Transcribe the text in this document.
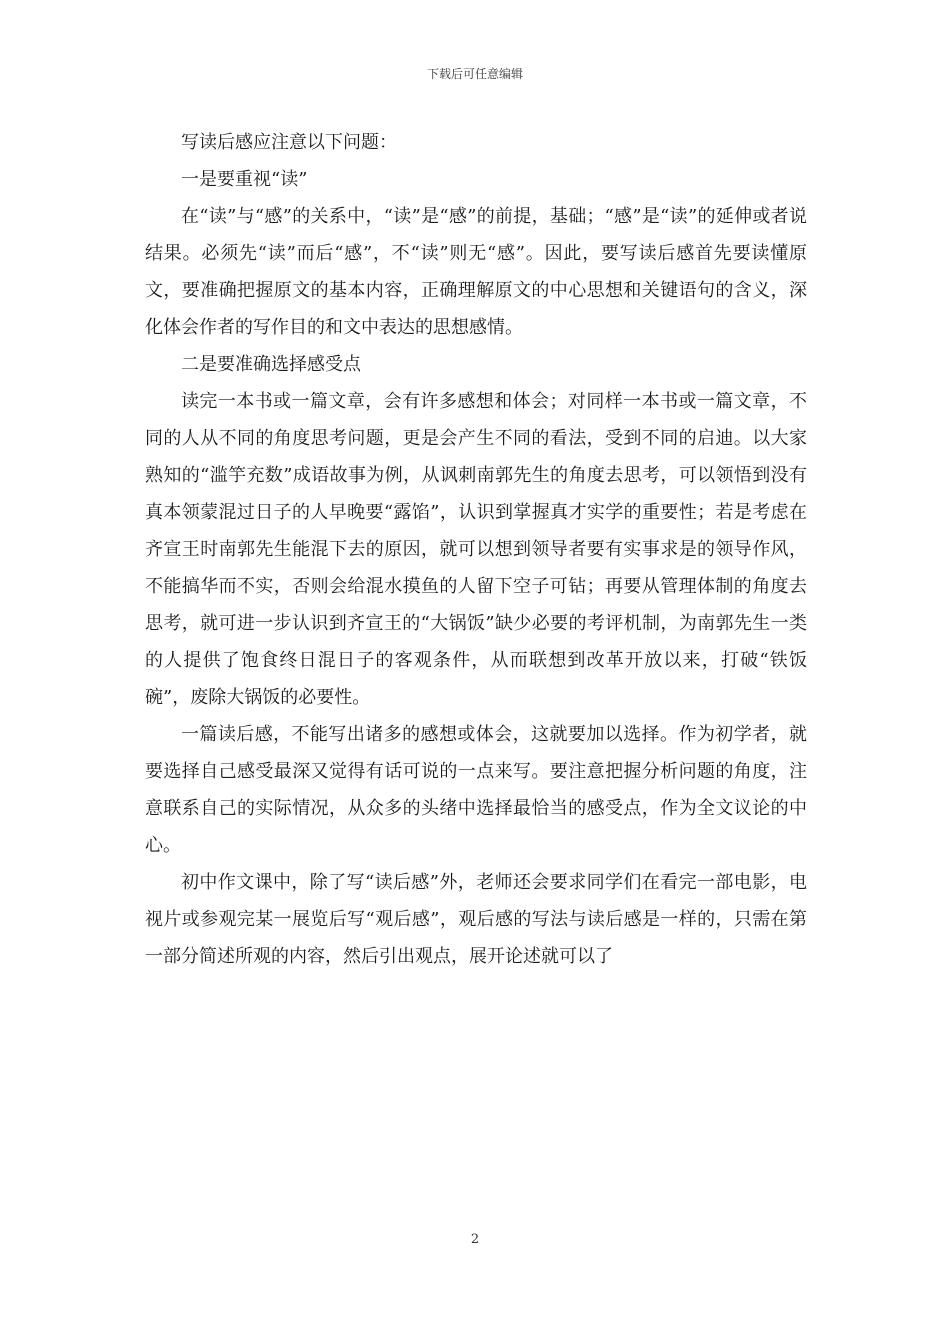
下载后可任意编辑

写读后感应注意以下问题：

一是要重视“读”

在“读”与“感”的关系中，“读”是“感”的前提，基础；“感”是“读”的延伸或者说结果。必须先“读”而后“感”，不“读”则无“感”。因此，要写读后感首先要读懂原文，要准确把握原文的基本内容，正确理解原文的中心思想和关键语句的含义，深化体会作者的写作目的和文中表达的思想感情。

二是要准确选择感受点

读完一本书或一篇文章，会有许多感想和体会；对同样一本书或一篇文章，不同的人从不同的角度思考问题，更是会产生不同的看法，受到不同的启迪。以大家熟知的“滥竽充数”成语故事为例，从讽刺南郭先生的角度去思考，可以领悟到没有真本领蒙混过日子的人早晚要“露馅”，认识到掌握真才实学的重要性；若是考虑在齐宣王时南郭先生能混下去的原因，就可以想到领导者要有实事求是的领导作风，不能搞华而不实，否则会给混水摸鱼的人留下空子可钻；再要从管理体制的角度去思考，就可进一步认识到齐宣王的“大锅饭”缺少必要的考评机制，为南郭先生一类的人提供了饱食终日混日子的客观条件，从而联想到改革开放以来，打破“铁饭碗”，废除大锅饭的必要性。

一篇读后感，不能写出诸多的感想或体会，这就要加以选择。作为初学者，就要选择自己感受最深又觉得有话可说的一点来写。要注意把握分析问题的角度，注意联系自己的实际情况，从众多的头绪中选择最恰当的感受点，作为全文议论的中心。

初中作文课中，除了写“读后感”外，老师还会要求同学们在看完一部电影，电视片或参观完某一展览后写“观后感”，观后感的写法与读后感是一样的，只需在第一部分简述所观的内容，然后引出观点，展开论述就可以了

2
